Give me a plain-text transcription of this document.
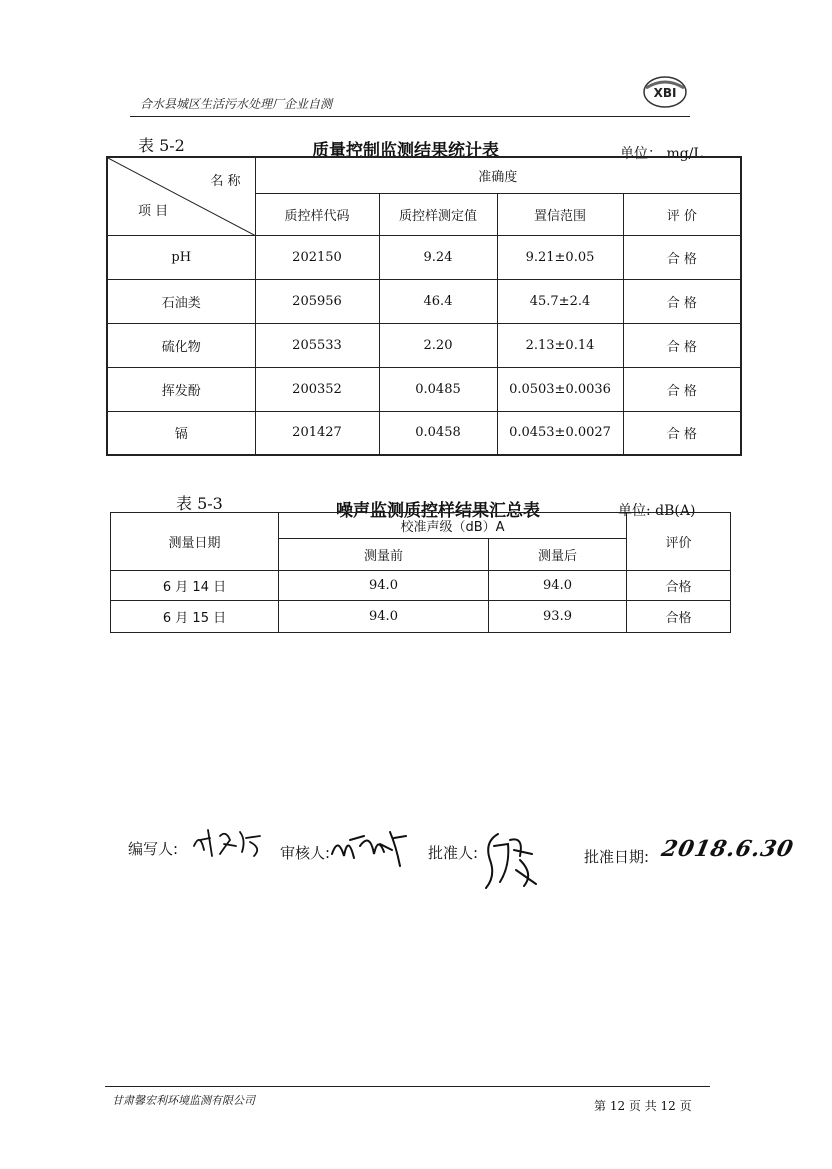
合水县城区生活污水处理厂企业自测
XBI
表 5-2	质量控制监测结果统计表	单位： mg/L
名 称
项 目	准确度			
	质控样代码	质控样测定值	置信范围	评 价
pH	202150	9.24	9.21±0.05	合 格
石油类	205956	46.4	45.7±2.4	合 格
硫化物	205533	2.20	2.13±0.14	合 格
挥发酚	200352	0.0485	0.0503±0.0036	合 格
镉	201427	0.0458	0.0453±0.0027	合 格
表 5-3	噪声监测质控样结果汇总表	单位: dB(A)
测量日期	校准声级（dB）A		评价
	测量前	测量后	
6 月 14 日	94.0	94.0	合格
6 月 15 日	94.0	93.9	合格
编写人:	审核人:	批准人:	批准日期: 2018.6.30
甘肃馨宏利环境监测有限公司	第 12 页 共 12 页
